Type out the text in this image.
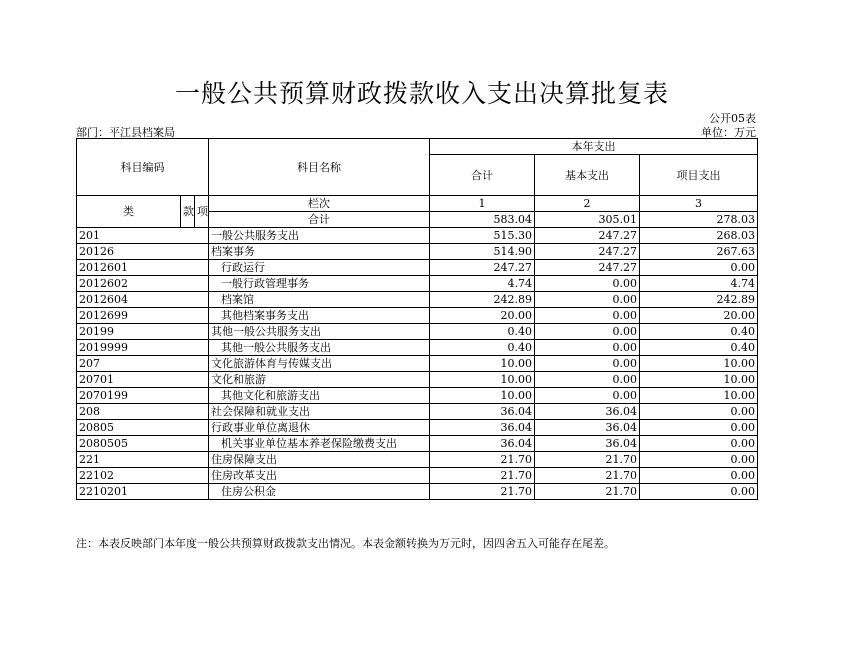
一般公共预算财政拨款收入支出决算批复表
公开05表
部门：平江县档案局	单位：万元
科目编码			科目名称	本年支出		
				合计	基本支出	项目支出
类	款	项	栏次	1	2	3
			合计	583.04	305.01	278.03
201			一般公共服务支出	515.30	247.27	268.03
20126			档案事务	514.90	247.27	267.63
2012601			行政运行	247.27	247.27	0.00
2012602			一般行政管理事务	4.74	0.00	4.74
2012604			档案馆	242.89	0.00	242.89
2012699			其他档案事务支出	20.00	0.00	20.00
20199			其他一般公共服务支出	0.40	0.00	0.40
2019999			其他一般公共服务支出	0.40	0.00	0.40
207			文化旅游体育与传媒支出	10.00	0.00	10.00
20701			文化和旅游	10.00	0.00	10.00
2070199			其他文化和旅游支出	10.00	0.00	10.00
208			社会保障和就业支出	36.04	36.04	0.00
20805			行政事业单位离退休	36.04	36.04	0.00
2080505			机关事业单位基本养老保险缴费支出	36.04	36.04	0.00
221			住房保障支出	21.70	21.70	0.00
22102			住房改革支出	21.70	21.70	0.00
2210201			住房公积金	21.70	21.70	0.00
注：本表反映部门本年度一般公共预算财政拨款支出情况。本表金额转换为万元时，因四舍五入可能存在尾差。
